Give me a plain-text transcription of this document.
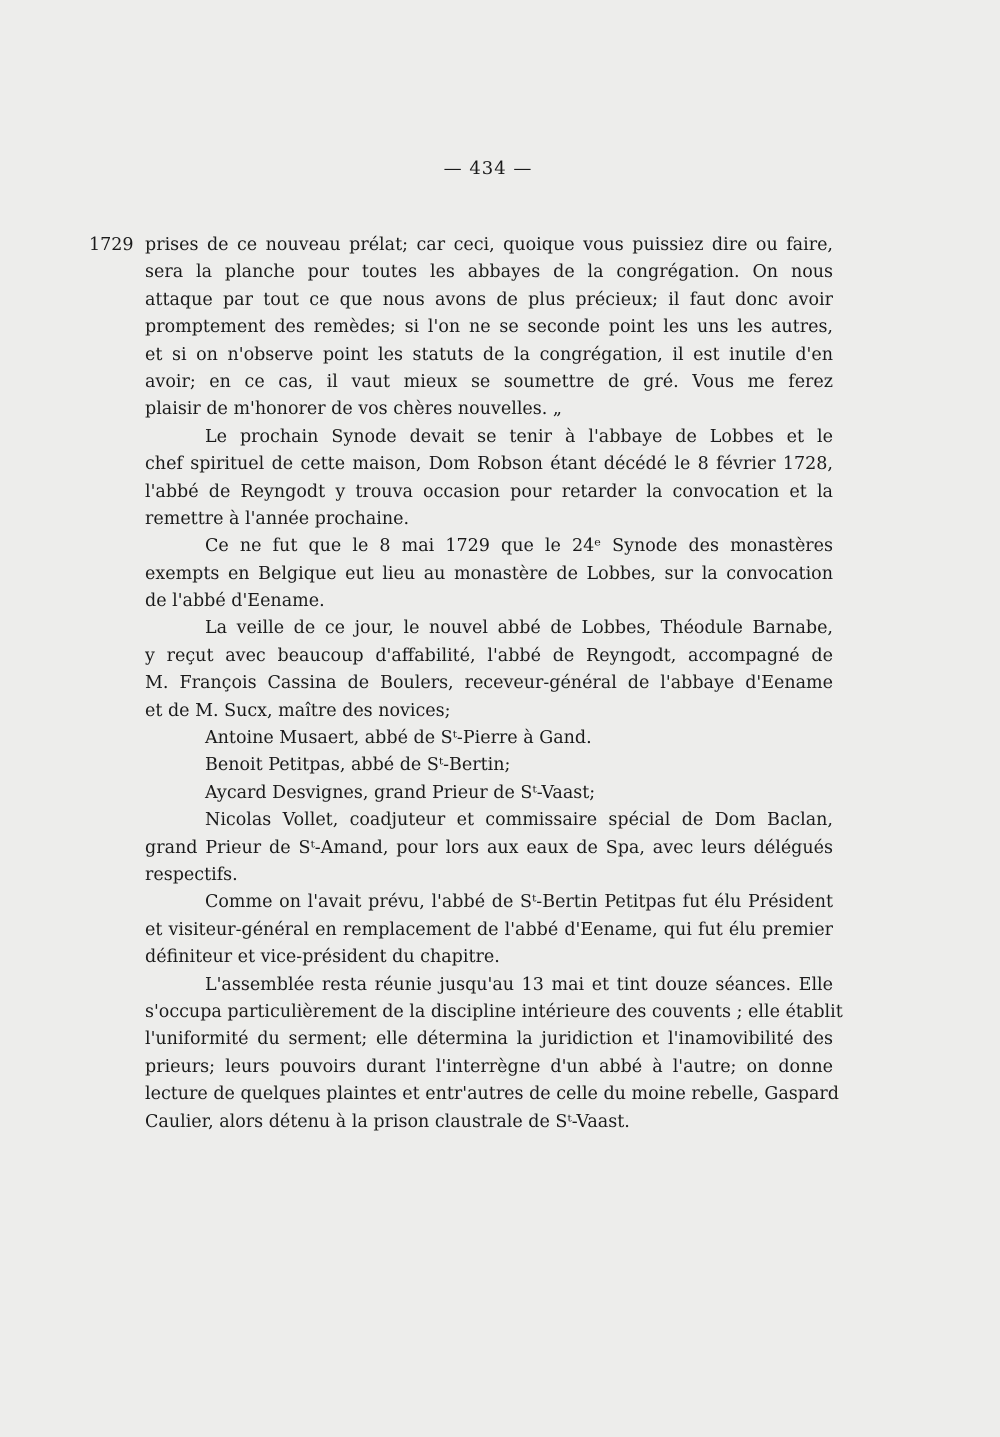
— 434 —
1729 prises de ce nouveau prélat; car ceci, quoique vous puissiez dire ou faire,
sera la planche pour toutes les abbayes de la congrégation. On nous
attaque par tout ce que nous avons de plus précieux; il faut donc avoir
promptement des remèdes; si l'on ne se seconde point les uns les autres,
et si on n'observe point les statuts de la congrégation, il est inutile d'en
avoir; en ce cas, il vaut mieux se soumettre de gré. Vous me ferez
plaisir de m'honorer de vos chères nouvelles. „
Le prochain Synode devait se tenir à l'abbaye de Lobbes et le
chef spirituel de cette maison, Dom Robson étant décédé le 8 février 1728,
l'abbé de Reyngodt y trouva occasion pour retarder la convocation et la
remettre à l'année prochaine.
Ce ne fut que le 8 mai 1729 que le 24ᵉ Synode des monastères
exempts en Belgique eut lieu au monastère de Lobbes, sur la convocation
de l'abbé d'Eename.
La veille de ce jour, le nouvel abbé de Lobbes, Théodule Barnabe,
y reçut avec beaucoup d'affabilité, l'abbé de Reyngodt, accompagné de
M. François Cassina de Boulers, receveur-général de l'abbaye d'Eename
et de M. Sucx, maître des novices;
Antoine Musaert, abbé de Sᵗ-Pierre à Gand.
Benoit Petitpas, abbé de Sᵗ-Bertin;
Aycard Desvignes, grand Prieur de Sᵗ-Vaast;
Nicolas Vollet, coadjuteur et commissaire spécial de Dom Baclan,
grand Prieur de Sᵗ-Amand, pour lors aux eaux de Spa, avec leurs délégués
respectifs.
Comme on l'avait prévu, l'abbé de Sᵗ-Bertin Petitpas fut élu Président
et visiteur-général en remplacement de l'abbé d'Eename, qui fut élu premier
définiteur et vice-président du chapitre.
L'assemblée resta réunie jusqu'au 13 mai et tint douze séances. Elle
s'occupa particulièrement de la discipline intérieure des couvents ; elle établit
l'uniformité du serment; elle détermina la juridiction et l'inamovibilité des
prieurs; leurs pouvoirs durant l'interrègne d'un abbé à l'autre; on donne
lecture de quelques plaintes et entr'autres de celle du moine rebelle, Gaspard
Caulier, alors détenu à la prison claustrale de Sᵗ-Vaast.
